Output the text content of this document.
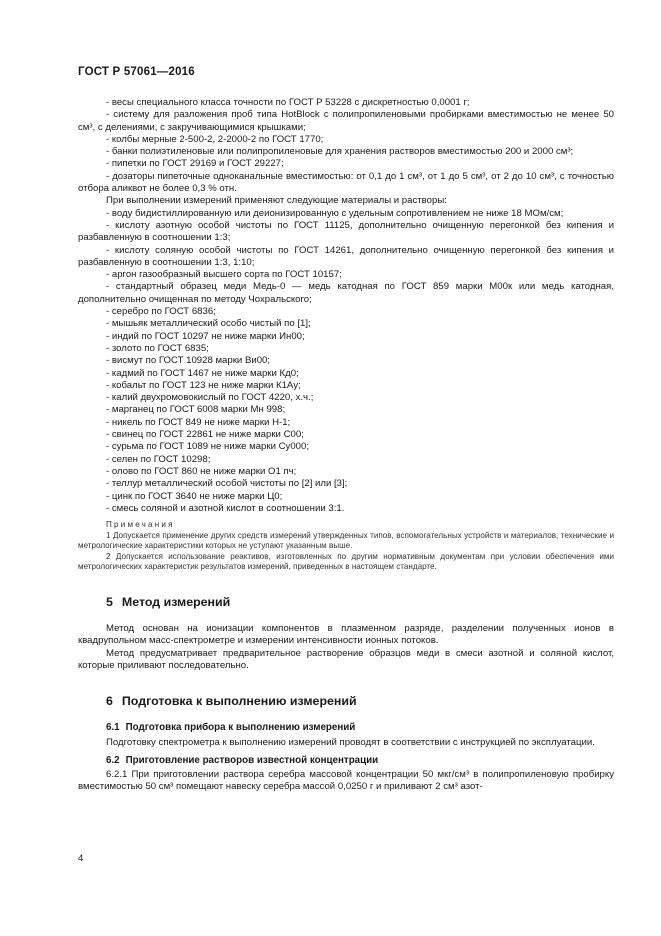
ГОСТ Р 57061—2016

- весы специального класса точности по ГОСТ Р 53228 с дискретностью 0,0001 г;

- систему для разложения проб типа HotBlock с полипропиленовыми пробирками вместимостью не менее 50 см³, с делениями, с закручивающимися крышками;

- колбы мерные 2-500-2, 2-2000-2 по ГОСТ 1770;

- банки полиэтиленовые или полипропиленовые для хранения растворов вместимостью 200 и 2000 см³;

- пипетки по ГОСТ 29169 и ГОСТ 29227;

- дозаторы пипеточные одноканальные вместимостью: от 0,1 до 1 см³, от 1 до 5 см³, от 2 до 10 см³, с точностью отбора аликвот не более 0,3 % отн.

При выполнении измерений применяют следующие материалы и растворы:

- воду бидистиллированную или деионизированную с удельным сопротивлением не ниже 18 МОм/см;

- кислоту азотную особой чистоты по ГОСТ 11125, дополнительно очищенную перегонкой без кипения и разбавленную в соотношении 1:3;

- кислоту соляную особой чистоты по ГОСТ 14261, дополнительно очищенную перегонкой без кипения и разбавленную в соотношении 1:3, 1:10;

- аргон газообразный высшего сорта по ГОСТ 10157;

- стандартный образец меди Медь-0 — медь катодная по ГОСТ 859 марки М00к или медь катодная, дополнительно очищенная по методу Чохральского;

- серебро по ГОСТ 6836;

- мышьяк металлический особо чистый по [1];

- индий по ГОСТ 10297 не ниже марки Ин00;

- золото по ГОСТ 6835;

- висмут по ГОСТ 10928 марки Ви00;

- кадмий по ГОСТ 1467 не ниже марки Кд0;

- кобальт по ГОСТ 123 не ниже марки К1Ау;

- калий двухромовокислый по ГОСТ 4220, х.ч.;

- марганец по ГОСТ 6008 марки Мн 998;

- никель по ГОСТ 849 не ниже марки Н-1;

- свинец по ГОСТ 22861 не ниже марки С00;

- сурьма по ГОСТ 1089 не ниже марки Су000;

- селен по ГОСТ 10298;

- олово по ГОСТ 860 не ниже марки О1 пч;

- теллур металлический особой чистоты по [2] или [3];

- цинк по ГОСТ 3640 не ниже марки Ц0;

- смесь соляной и азотной кислот в соотношении 3:1.

Примечания

1 Допускается применение других средств измерений утвержденных типов, вспомогательных устройств и материалов, технические и метрологические характеристики которых не уступают указанным выше.

2 Допускается использование реактивов, изготовленных по другим нормативным документам при условии обеспечения ими метрологических характеристик результатов измерений, приведенных в настоящем стандарте.

5 Метод измерений

Метод основан на ионизации компонентов в плазменном разряде, разделении полученных ионов в квадрупольном масс-спектрометре и измерении интенсивности ионных потоков.

Метод предусматривает предварительное растворение образцов меди в смеси азотной и соляной кислот, которые приливают последовательно.

6 Подготовка к выполнению измерений
6.1 Подготовка прибора к выполнению измерений

Подготовку спектрометра к выполнению измерений проводят в соответствии с инструкцией по эксплуатации.

6.2 Приготовление растворов известной концентрации

6.2.1 При приготовлении раствора серебра массовой концентрации 50 мкг/см³ в полипропиленовую пробирку вместимостью 50 см³ помещают навеску серебра массой 0,0250 г и приливают 2 см³ азот-

4
